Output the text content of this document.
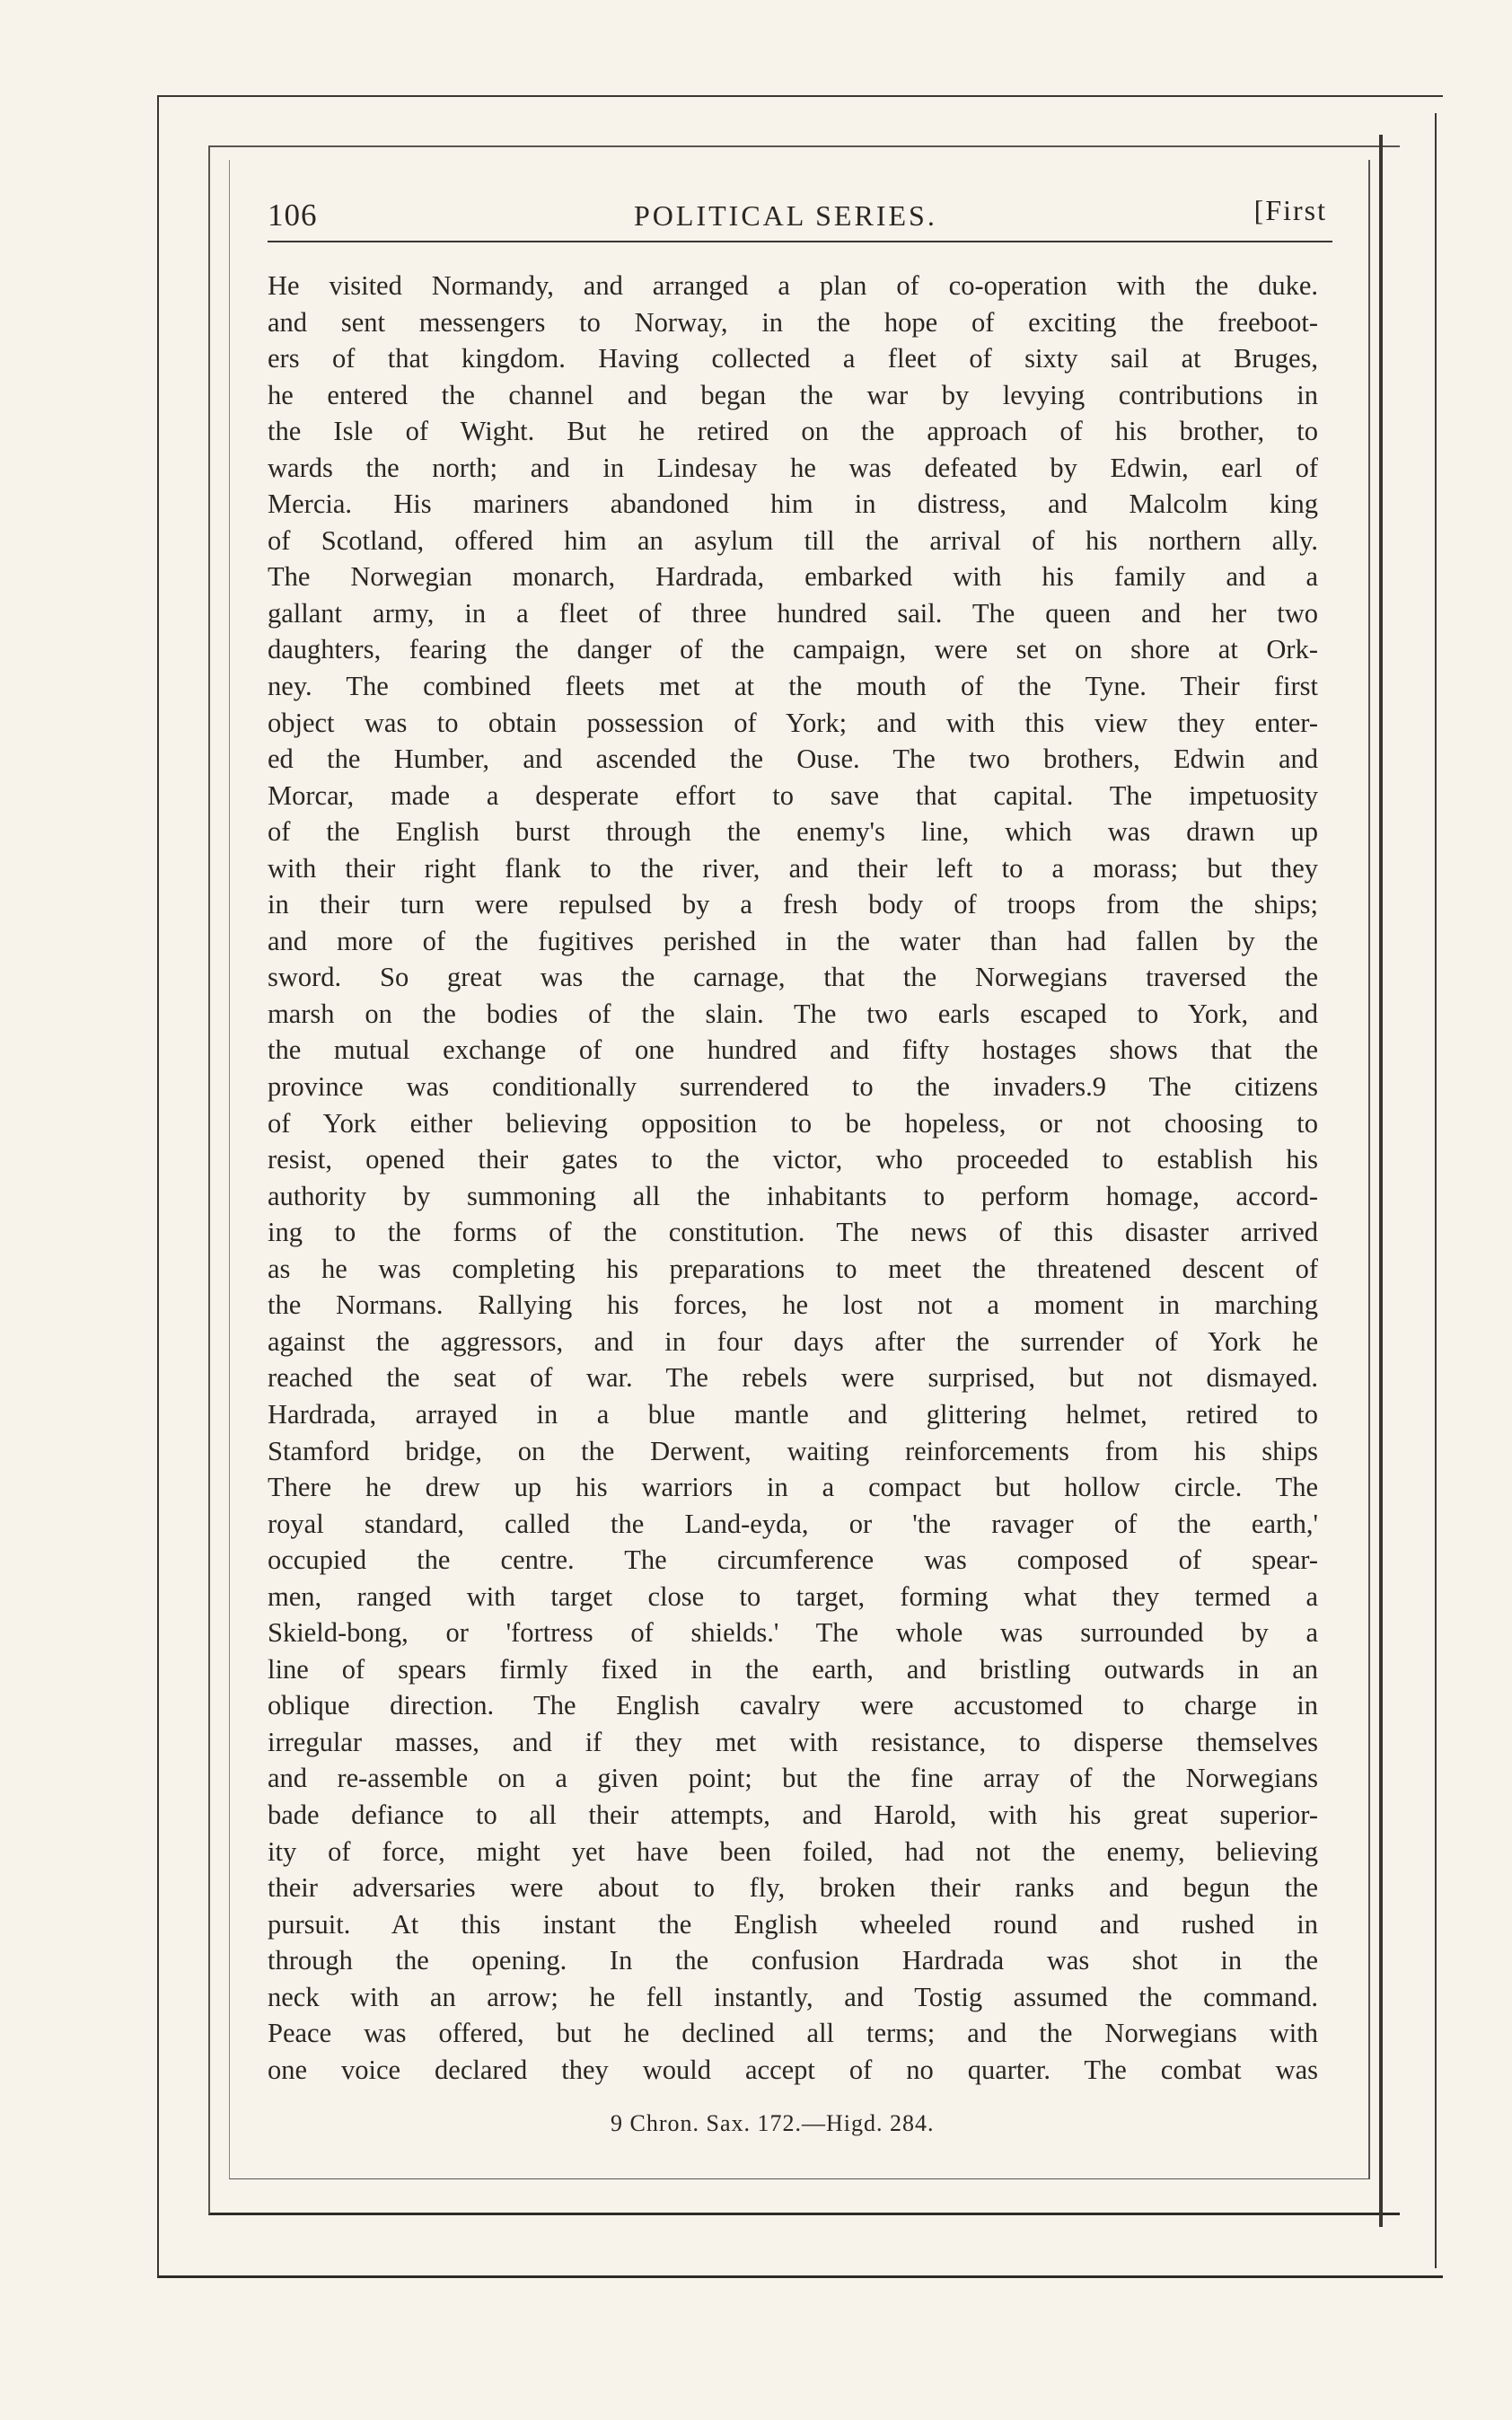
106	POLITICAL SERIES.	[First
He visited Normandy, and arranged a plan of co-operation with the duke.
and sent messengers to Norway, in the hope of exciting the freeboot-
ers of that kingdom. Having collected a fleet of sixty sail at Bruges,
he entered the channel and began the war by levying contributions in
the Isle of Wight. But he retired on the approach of his brother, to
wards the north; and in Lindesay he was defeated by Edwin, earl of
Mercia. His mariners abandoned him in distress, and Malcolm king
of Scotland, offered him an asylum till the arrival of his northern ally.
The Norwegian monarch, Hardrada, embarked with his family and a
gallant army, in a fleet of three hundred sail. The queen and her two
daughters, fearing the danger of the campaign, were set on shore at Ork-
ney. The combined fleets met at the mouth of the Tyne. Their first
object was to obtain possession of York; and with this view they enter-
ed the Humber, and ascended the Ouse. The two brothers, Edwin and
Morcar, made a desperate effort to save that capital. The impetuosity
of the English burst through the enemy's line, which was drawn up
with their right flank to the river, and their left to a morass; but they
in their turn were repulsed by a fresh body of troops from the ships;
and more of the fugitives perished in the water than had fallen by the
sword. So great was the carnage, that the Norwegians traversed the
marsh on the bodies of the slain. The two earls escaped to York, and
the mutual exchange of one hundred and fifty hostages shows that the
province was conditionally surrendered to the invaders.9 The citizens
of York either believing opposition to be hopeless, or not choosing to
resist, opened their gates to the victor, who proceeded to establish his
authority by summoning all the inhabitants to perform homage, accord-
ing to the forms of the constitution. The news of this disaster arrived
as he was completing his preparations to meet the threatened descent of
the Normans. Rallying his forces, he lost not a moment in marching
against the aggressors, and in four days after the surrender of York he
reached the seat of war. The rebels were surprised, but not dismayed.
Hardrada, arrayed in a blue mantle and glittering helmet, retired to
Stamford bridge, on the Derwent, waiting reinforcements from his ships
There he drew up his warriors in a compact but hollow circle. The
royal standard, called the Land-eyda, or 'the ravager of the earth,'
occupied the centre. The circumference was composed of spear-
men, ranged with target close to target, forming what they termed a
Skield-bong, or 'fortress of shields.' The whole was surrounded by a
line of spears firmly fixed in the earth, and bristling outwards in an
oblique direction. The English cavalry were accustomed to charge in
irregular masses, and if they met with resistance, to disperse themselves
and re-assemble on a given point; but the fine array of the Norwegians
bade defiance to all their attempts, and Harold, with his great superior-
ity of force, might yet have been foiled, had not the enemy, believing
their adversaries were about to fly, broken their ranks and begun the
pursuit. At this instant the English wheeled round and rushed in
through the opening. In the confusion Hardrada was shot in the
neck with an arrow; he fell instantly, and Tostig assumed the command.
Peace was offered, but he declined all terms; and the Norwegians with
one voice declared they would accept of no quarter. The combat was
9 Chron. Sax. 172.—Higd. 284.
